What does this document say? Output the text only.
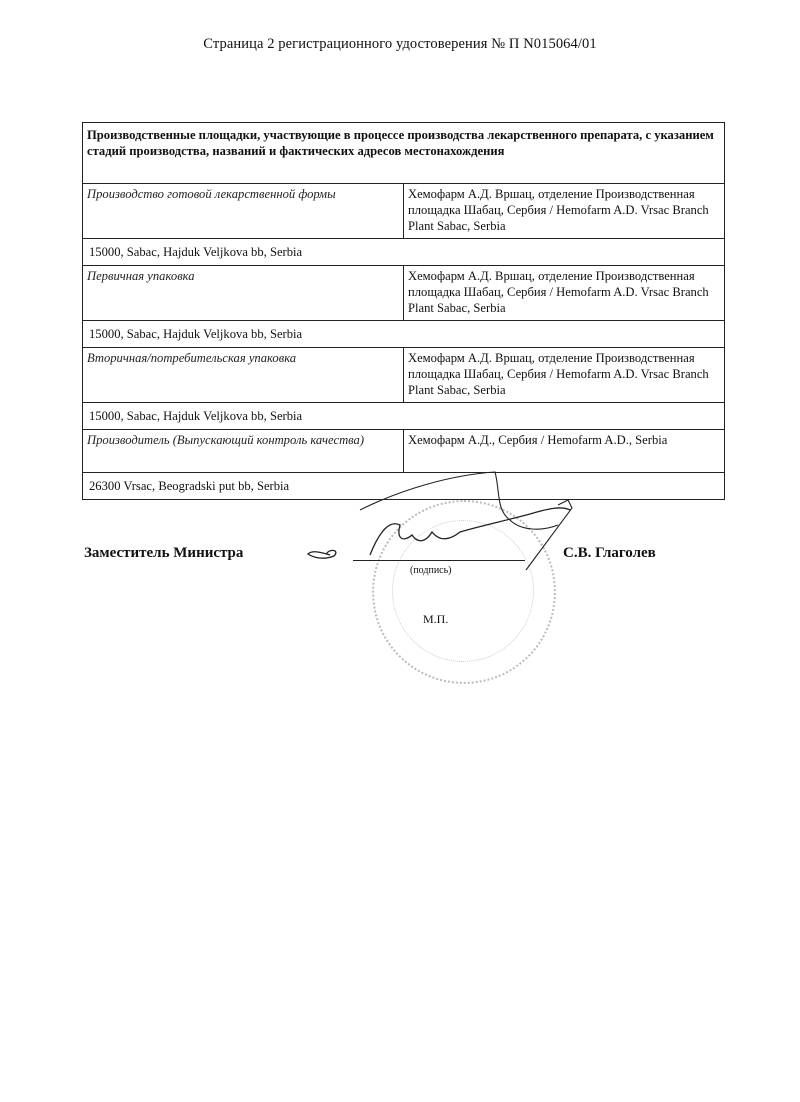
Страница 2 регистрационного удостоверения № П N015064/01
Производственные площадки, участвующие в процессе производства лекарственного препарата, с указанием стадий производства, названий и фактических адресов местонахождения	
Производство готовой лекарственной формы	Хемофарм А.Д. Вршац, отделение Производственная площадка Шабац, Сербия / Hemofarm A.D. Vrsac Branch Plant Sabac, Serbia
15000, Sabac, Hajduk Veljkova bb, Serbia	
Первичная упаковка	Хемофарм А.Д. Вршац, отделение Производственная площадка Шабац, Сербия / Hemofarm A.D. Vrsac Branch Plant Sabac, Serbia
15000, Sabac, Hajduk Veljkova bb, Serbia	
Вторичная/потребительская упаковка	Хемофарм А.Д. Вршац, отделение Производственная площадка Шабац, Сербия / Hemofarm A.D. Vrsac Branch Plant Sabac, Serbia
15000, Sabac, Hajduk Veljkova bb, Serbia	
Производитель (Выпускающий контроль качества)	Хемофарм А.Д., Сербия / Hemofarm A.D., Serbia
26300 Vrsac, Beogradski put bb, Serbia	
Заместитель Министра
(подпись)
М.П.
С.В. Глаголев
